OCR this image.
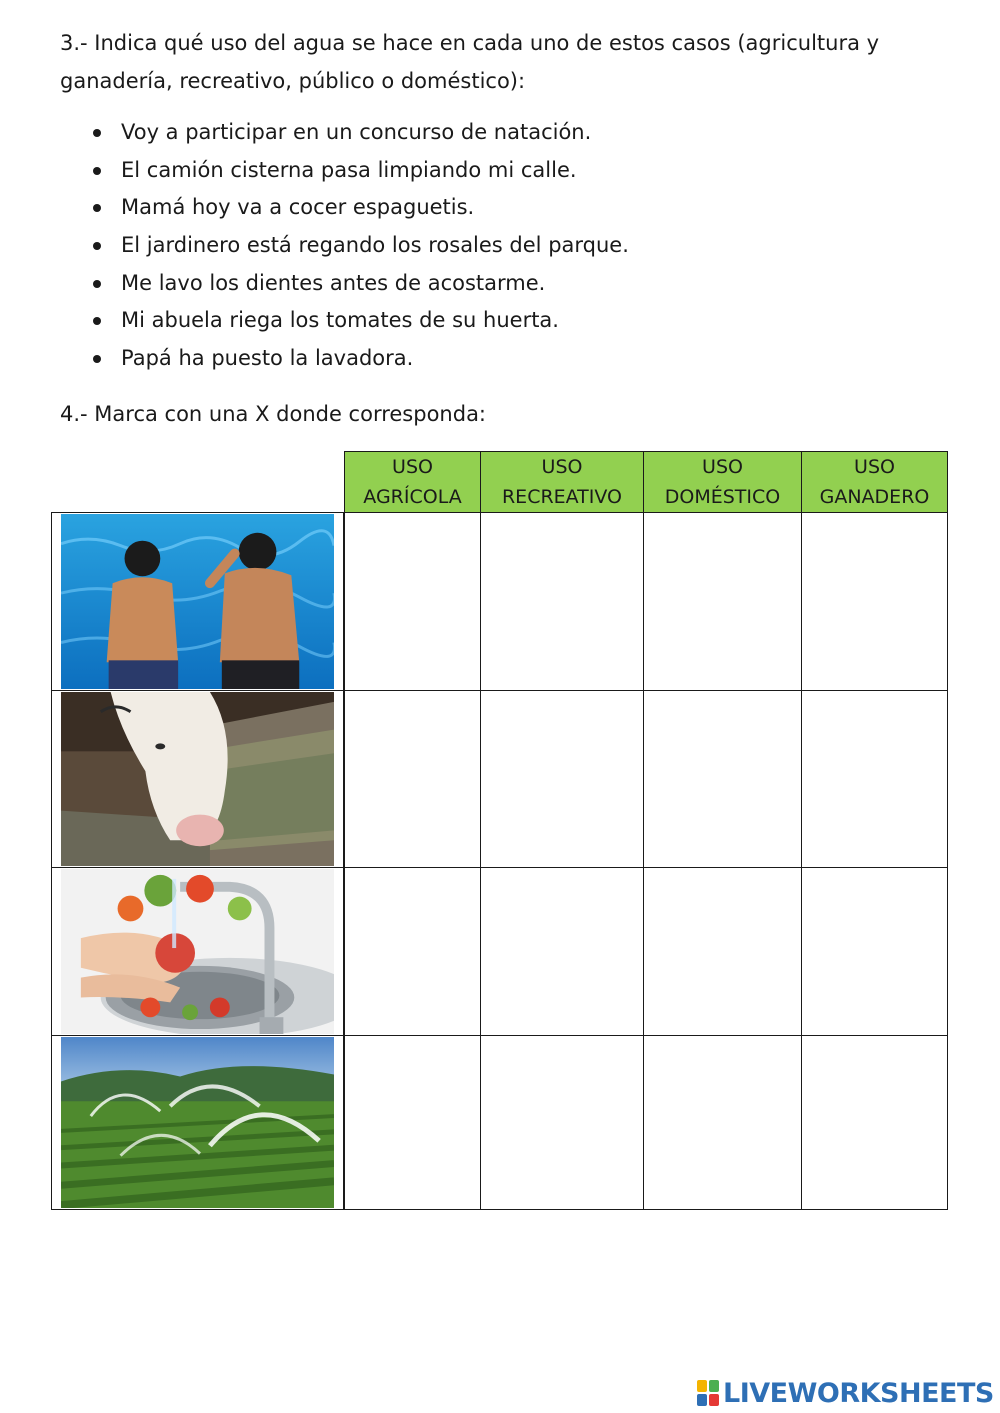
3.- Indica qué uso del agua se hace en cada uno de estos casos (agricultura y

ganadería, recreativo, público o doméstico):

Voy a participar en un concurso de natación.
El camión cisterna pasa limpiando mi calle.
Mamá hoy va a cocer espaguetis.
El jardinero está regando los rosales del parque.
Me lavo los dientes antes de acostarme.
Mi abuela riega los tomates de su huerta.
Papá ha puesto la lavadora.
4.- Marca con una X donde corresponda:
USO
AGRÍCOLA
USO
RECREATIVO
USO
DOMÉSTICO
USO
GANADERO
LIVEWORKSHEETS
